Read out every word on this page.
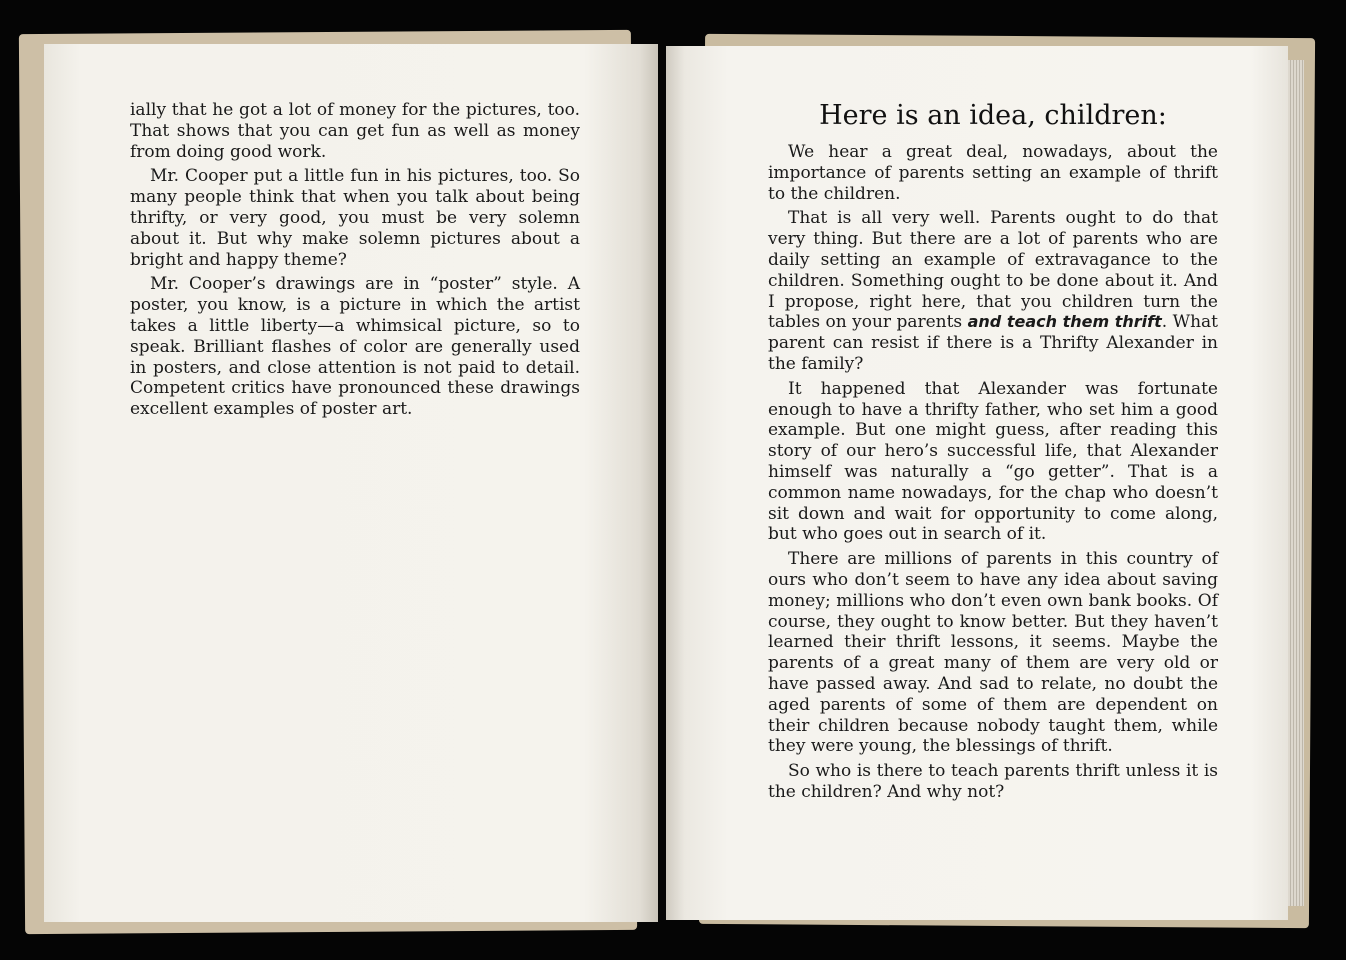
ially that he got a lot of money for the pictures, too. That shows that you can get fun as well as money from doing good work.

Mr. Cooper put a little fun in his pictures, too. So many people think that when you talk about being thrifty, or very good, you must be very solemn about it. But why make solemn pictures about a bright and happy theme?

Mr. Cooper’s drawings are in “poster” style. A poster, you know, is a picture in which the artist takes a little liberty—a whimsical picture, so to speak. Brilliant flashes of color are generally used in posters, and close attention is not paid to detail. Competent critics have pronounced these drawings excellent examples of poster art.

Here is an idea, children:

We hear a great deal, nowadays, about the importance of parents setting an example of thrift to the children.

That is all very well. Parents ought to do that very thing. But there are a lot of parents who are daily setting an example of extravagance to the children. Something ought to be done about it. And I propose, right here, that you children turn the tables on your parents and teach them thrift. What parent can resist if there is a Thrifty Alexander in the family?

It happened that Alexander was fortunate enough to have a thrifty father, who set him a good example. But one might guess, after reading this story of our hero’s successful life, that Alexander himself was naturally a “go getter”. That is a common name nowadays, for the chap who doesn’t sit down and wait for opportunity to come along, but who goes out in search of it.

There are millions of parents in this country of ours who don’t seem to have any idea about saving money; millions who don’t even own bank books. Of course, they ought to know better. But they haven’t learned their thrift lessons, it seems. Maybe the parents of a great many of them are very old or have passed away. And sad to relate, no doubt the aged parents of some of them are dependent on their children because nobody taught them, while they were young, the blessings of thrift.

So who is there to teach parents thrift unless it is the children? And why not?
